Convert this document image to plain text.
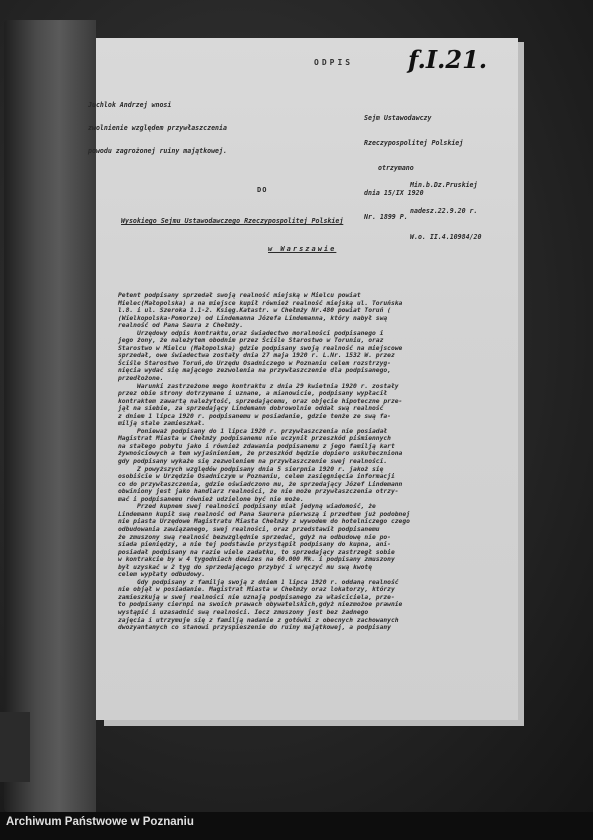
ODPIS f.I.21.

Juchlok Andrzej wnosi

zwolnienie względem przywłaszczenia

powodu zagrożonej ruiny majątkowej.

Sejm Ustawodawczy

Rzeczypospolitej Polskiej

otrzymano

dnia 15/IX 1920

Nr. 1899 P.

Min.b.Dz.Pruskiej

nadesz.22.9.20 r.

W.o. II.4.10984/20

DO
Wysokiego Sejmu Ustawodawczego Rzeczypospolitej Polskiej
w Warszawie

Petent podpisany sprzedał swoją realność miejską w Mielcu powiat

Mielec(Małopolska) a na miejsce kupił również realność miejską ul. Toruńska

l.8. i ul. Szeroka 1.1-2. Księg.Katastr. w Chełmży Nr.480 powiat Toruń (

(Wielkopolska-Pomorze) od Lindemanna Józefa Lindemanna, który nabył swą

realność od Pana Saura z Chełmży.

Urzędowy odpis kontraktu,oraz świadectwo moralności podpisanego i

jego żony, że należytem obodnim przez Ściśle Starostwo w Toruniu, oraz

Starostwo w Mielcu (Małopolska) gdzie podpisany swoją realność na miejscowe

sprzedał, owe świadectwa zostały dnia 27 maja 1920 r. L.Nr. 1532 W. przez

Ściśle Starostwo Toruń,do Urzędu Osadniczego w Poznaniu celem rozstrzyg-

nięcia wydać się mającego zezwolenia na przywłaszczenie dla podpisanego,

przedłożone.

Warunki zastrzeżone mego kontraktu z dnia 29 kwietnia 1920 r. zostały

przez obie strony dotrzymane i uznane, a mianowicie, podpisany wypłacił

kontraktem zawartą należytość, sprzedającemu, oraz objęcie hipoteczne prze-

jął na siebie, za sprzedający Lindemann dobrowolnie oddał swą realność

z dniem 1 lipca 1920 r. podpisanemu w posiadanie, gdzie tenże ze swą fa-

milją stale zamieszkał.

Ponieważ podpisany do 1 lipca 1920 r. przywłaszczenia nie posiadał

Magistrat Miasta w Chełmży podpisanemu nie uczynił przeszkód piśmiennych

na stałego pobytu jako i również zdawania podpisanemu z jego familją kart

żywnościowych a tem wyjaśnieniem, że przeszkód będzie dopiero uskuteczniona

gdy podpisany wykaże się zezwoleniem na przywłaszczenie swej realności.

Z powyższych względów podpisany dnia 5 sierpnia 1920 r. jakoż się

osobiście w Urzędzie Osadniczym w Poznaniu, celem zasięgnięcia informacji

co do przywłaszczenia, gdzie oświadczono mu, że sprzedający Józef Lindemann

obwiniony jest jako handlarz realności, że nie może przywłaszczenia otrzy-

mać i podpisanemu również udzielone być nie może.

Przed kupnem swej realności podpisany miał jedyną wiadomość, że

Lindemann kupił swą realność od Pana Saurera pierwszą i przedtem już podobnej

nie piasta Urzędowe Magistratu Miasta Chełmży z wywodem do hotelniczego czego

odbudowania zawiązanego, swej realności, oraz przedstawił podpisanemu

że zmuszony swą realność bezwzględnie sprzedać, gdyż na odbudowę nie po-

siada pieniędzy, a nie tej podstawie przystąpił podpisany do kupna, ani-

posiadał podpisany na razie wiele zadatku, to sprzedający zastrzegł sobie

w kontrakcie by w 4 tygodniach dewizes na 60.000 Mk. i podpisany zmuszony

był uzyskać w 2 tyg do sprzedającego przybyć i wręczyć mu swą kwotę

celem wypłaty odbudowy.

Gdy podpisany z familją swoją z dniem 1 lipca 1920 r. oddaną realność

nie objął w posiadanie. Magistrat Miasta w Chełmży oraz lokatorzy, którzy

zamieszkują w swej realności nie uznają podpisanego za właściciela, prze-

to podpisany ciernpi na swoich prawach obywatelskich,gdyż niezmożoe prawnie

wystąpić i uzasadnić swą realności. Iecz zmuszony jest bez żadnego

zajęcia i utrzymuje się z familją nadanie z gotówki z obecnych zachowanych

dwozyantanych co stanowi przyspieszenie do ruiny majątkowej, a podpisany

Archiwum Państwowe w Poznaniu
